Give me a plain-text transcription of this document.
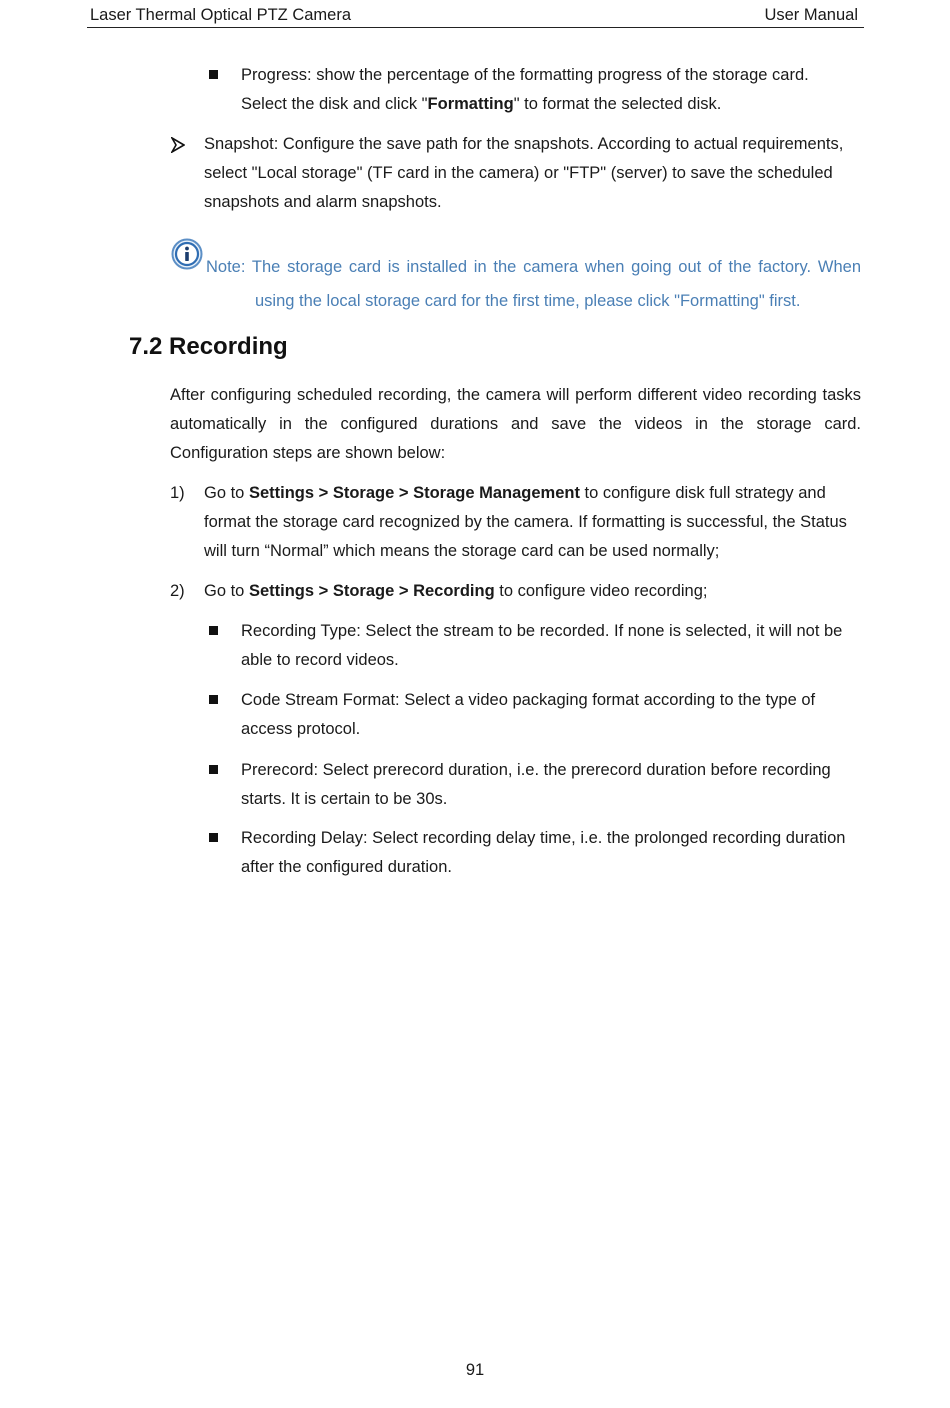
Laser Thermal Optical PTZ Camera	User Manual
Progress: show the percentage of the formatting progress of the storage card.
Select the disk and click "Formatting" to format the selected disk.
Snapshot: Configure the save path for the snapshots. According to actual requirements,
select "Local storage" (TF card in the camera) or "FTP" (server) to save the scheduled
snapshots and alarm snapshots.
Note: The storage card is installed in the camera when going out of the factory. When
using the local storage card for the first time, please click "Formatting" first.
7.2 Recording
After configuring scheduled recording, the camera will perform different video recording tasks
automatically in the configured durations and save the videos in the storage card.
Configuration steps are shown below:
1) Go to Settings > Storage > Storage Management to configure disk full strategy and
format the storage card recognized by the camera. If formatting is successful, the Status
will turn “Normal” which means the storage card can be used normally;
2) Go to Settings > Storage > Recording to configure video recording;
Recording Type: Select the stream to be recorded. If none is selected, it will not be
able to record videos.
Code Stream Format: Select a video packaging format according to the type of
access protocol.
Prerecord: Select prerecord duration, i.e. the prerecord duration before recording
starts. It is certain to be 30s.
Recording Delay: Select recording delay time, i.e. the prolonged recording duration
after the configured duration.
91
